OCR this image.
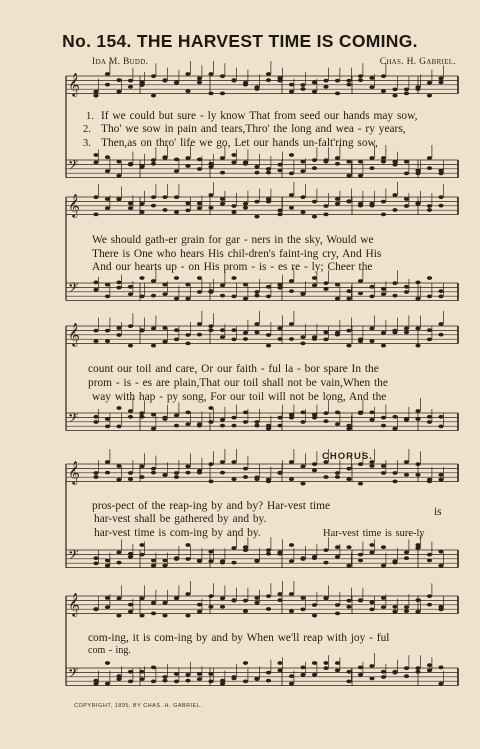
No. 154. THE HARVEST TIME IS COMING.
Ida M. Budd.	Chas. H. Gabriel.
𝄞
𝄢
𝄞
𝄢
𝄞
𝄢
𝄞
𝄢
𝄞
𝄢
1.
2.
3.
If we could but sure - ly know That from seed our hands may sow,
Tho' we sow in pain and tears,Thro' the long and wea - ry years,
Then,as on thro' life we go, Let our hands un-falt'ring sow,
We should gath-er grain for gar - ners in the sky, Would we
There is One who hears His chil-dren's faint-ing cry, And His
And our hearts up - on His prom - is - es re - ly; Cheer the
count our toil and care, Or our faith - ful la - bor spare In the
prom - is - es are plain,That our toil shall not be vain,When the
way with hap - py song, For our toil will not be long, And the
CHORUS.
pros-pect of the reap-ing by and by? Har-vest time
har-vest shall be gathered by and by.
har-vest time is com-ing by and by.
is
Har-vest time is sure-ly
com-ing, it is com-ing by and by When we'll reap with joy - ful
com - ing.
COPYRIGHT, 1895, BY CHAS. H. GABRIEL.
